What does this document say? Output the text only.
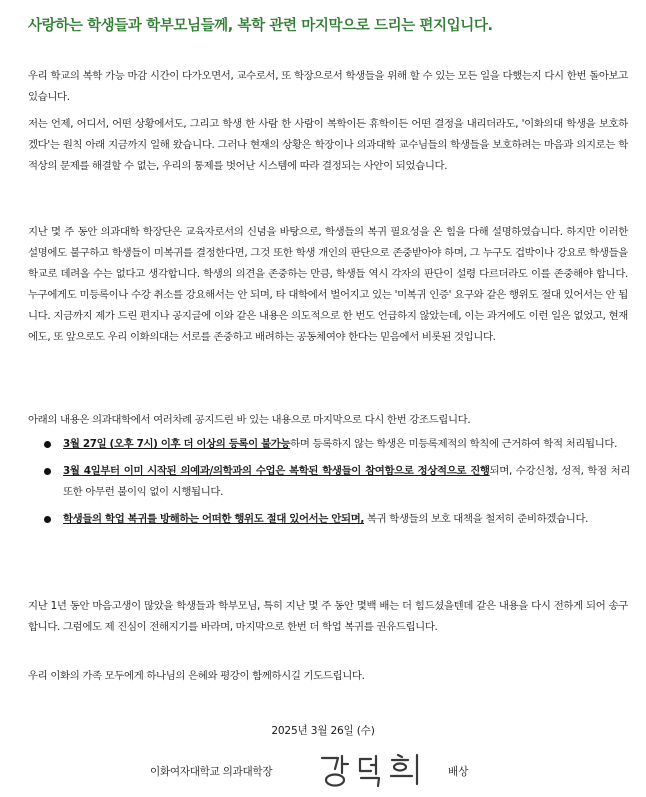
사랑하는 학생들과 학부모님들께, 복학 관련 마지막으로 드리는 편지입니다.

우리 학교의 복학 가능 마감 시간이 다가오면서, 교수로서, 또 학장으로서 학생들을 위해 할 수 있는 모든 일을 다했는지 다시 한번 돌아보고 있습니다.

저는 언제, 어디서, 어떤 상황에서도, 그리고 학생 한 사람 한 사람이 복학이든 휴학이든 어떤 결정을 내리더라도, '이화의대 학생을 보호하겠다'는 원칙 아래 지금까지 일해 왔습니다. 그러나 현재의 상황은 학장이나 의과대학 교수님들의 학생들을 보호하려는 마음과 의지로는 학적상의 문제를 해결할 수 없는, 우리의 통제를 벗어난 시스템에 따라 결정되는 사안이 되었습니다.

지난 몇 주 동안 의과대학 학장단은 교육자로서의 신념을 바탕으로, 학생들의 복귀 필요성을 온 힘을 다해 설명하였습니다. 하지만 이러한 설명에도 불구하고 학생들이 미복귀를 결정한다면, 그것 또한 학생 개인의 판단으로 존중받아야 하며, 그 누구도 겁박이나 강요로 학생들을 학교로 데려올 수는 없다고 생각합니다. 학생의 의견을 존중하는 만큼, 학생들 역시 각자의 판단이 설령 다르더라도 이를 존중해야 합니다. 누구에게도 미등록이나 수강 취소를 강요해서는 안 되며, 타 대학에서 벌어지고 있는 '미복귀 인증' 요구와 같은 행위도 절대 있어서는 안 됩니다. 지금까지 제가 드린 편지나 공지글에 이와 같은 내용은 의도적으로 한 번도 언급하지 않았는데, 이는 과거에도 이런 일은 없었고, 현재에도, 또 앞으로도 우리 이화의대는 서로를 존중하고 배려하는 공동체여야 한다는 믿음에서 비롯된 것입니다.

아래의 내용은 의과대학에서 여러차례 공지드린 바 있는 내용으로 마지막으로 다시 한번 강조드립니다.

3월 27일 (오후 7시) 이후 더 이상의 등록이 불가능하며 등록하지 않는 학생은 미등록제적의 학칙에 근거하여 학적 처리됩니다.
3월 4일부터 이미 시작된 의예과/의학과의 수업은 복학된 학생들이 참여함으로 정상적으로 진행되며, 수강신청, 성적, 학점 처리 또한 아무런 불이익 없이 시행됩니다.
학생들의 학업 복귀를 방해하는 어떠한 행위도 절대 있어서는 안되며, 복귀 학생들의 보호 대책을 철저히 준비하겠습니다.

지난 1년 동안 마음고생이 많았을 학생들과 학부모님, 특히 지난 몇 주 동안 몇백 배는 더 힘드셨을텐데 같은 내용을 다시 전하게 되어 송구합니다. 그럼에도 제 진심이 전해지기를 바라며, 마지막으로 한번 더 학업 복귀를 권유드립니다.

우리 이화의 가족 모두에게 하나님의 은혜와 평강이 함께하시길 기도드립니다.

2025년 3월 26일 (수)
이화여자대학교 의과대학장	배상
